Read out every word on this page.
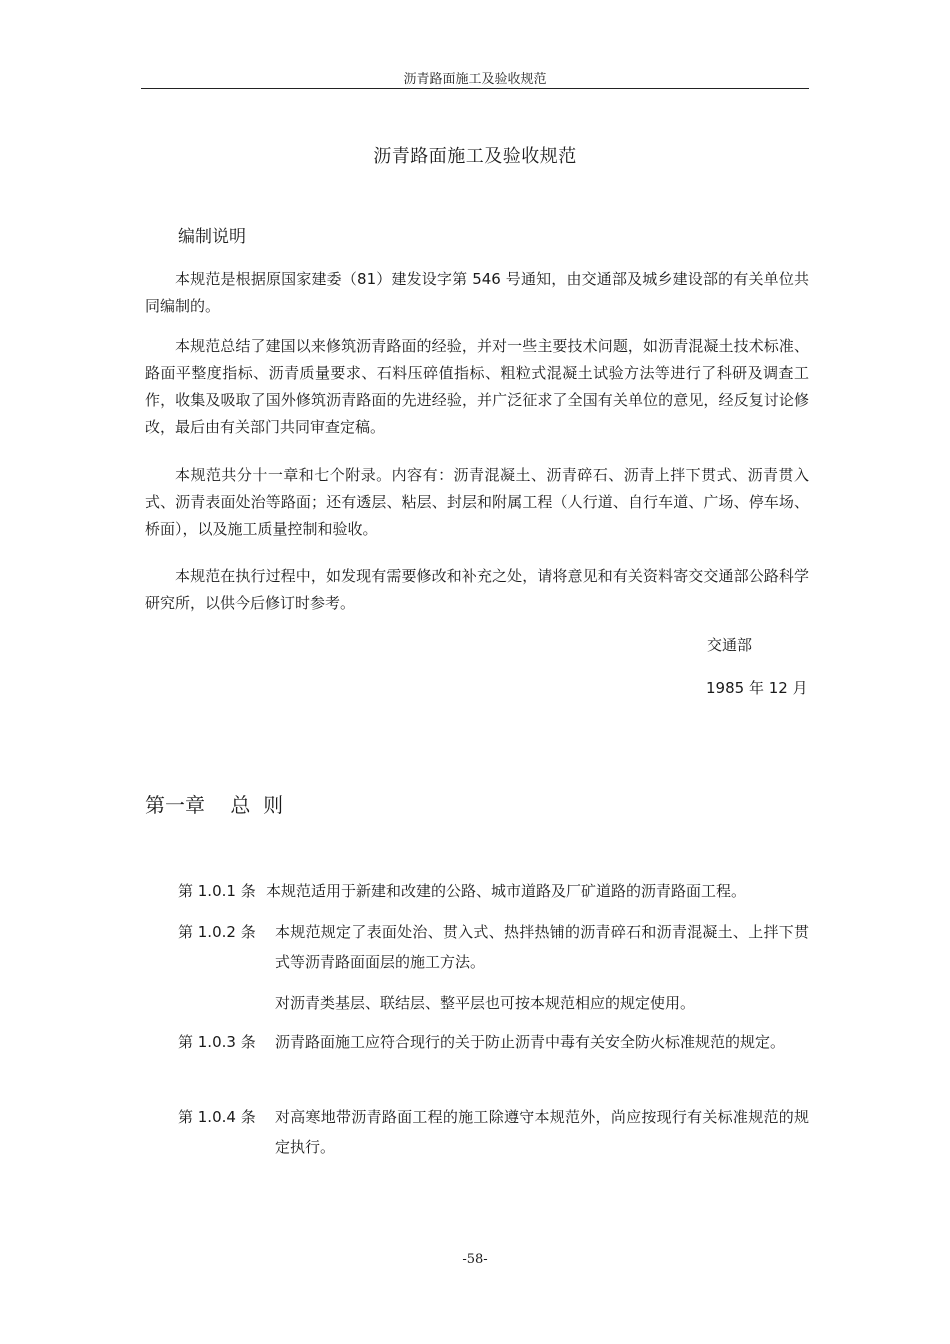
沥青路面施工及验收规范
沥青路面施工及验收规范
编制说明
本规范是根据原国家建委（81）建发设字第 546 号通知，由交通部及城乡建设部的有关单位共同编制的。
本规范总结了建国以来修筑沥青路面的经验，并对一些主要技术问题，如沥青混凝土技术标准、路面平整度指标、沥青质量要求、石料压碎值指标、粗粒式混凝土试验方法等进行了科研及调查工作，收集及吸取了国外修筑沥青路面的先进经验，并广泛征求了全国有关单位的意见，经反复讨论修改，最后由有关部门共同审查定稿。
本规范共分十一章和七个附录。内容有：沥青混凝土、沥青碎石、沥青上拌下贯式、沥青贯入式、沥青表面处治等路面；还有透层、粘层、封层和附属工程（人行道、自行车道、广场、停车场、桥面），以及施工质量控制和验收。
本规范在执行过程中，如发现有需要修改和补充之处，请将意见和有关资料寄交交通部公路科学研究所，以供今后修订时参考。
交通部
1985 年 12 月
第一章    总  则
第 1.0.1 条 本规范适用于新建和改建的公路、城市道路及厂矿道路的沥青路面工程。
第 1.0.2 条	本规范规定了表面处治、贯入式、热拌热铺的沥青碎石和沥青混凝土、上拌下贯式等沥青路面面层的施工方法。
对沥青类基层、联结层、整平层也可按本规范相应的规定使用。
第 1.0.3 条	沥青路面施工应符合现行的关于防止沥青中毒有关安全防火标准规范的规定。
第 1.0.4 条	对高寒地带沥青路面工程的施工除遵守本规范外，尚应按现行有关标准规范的规定执行。
-58-
